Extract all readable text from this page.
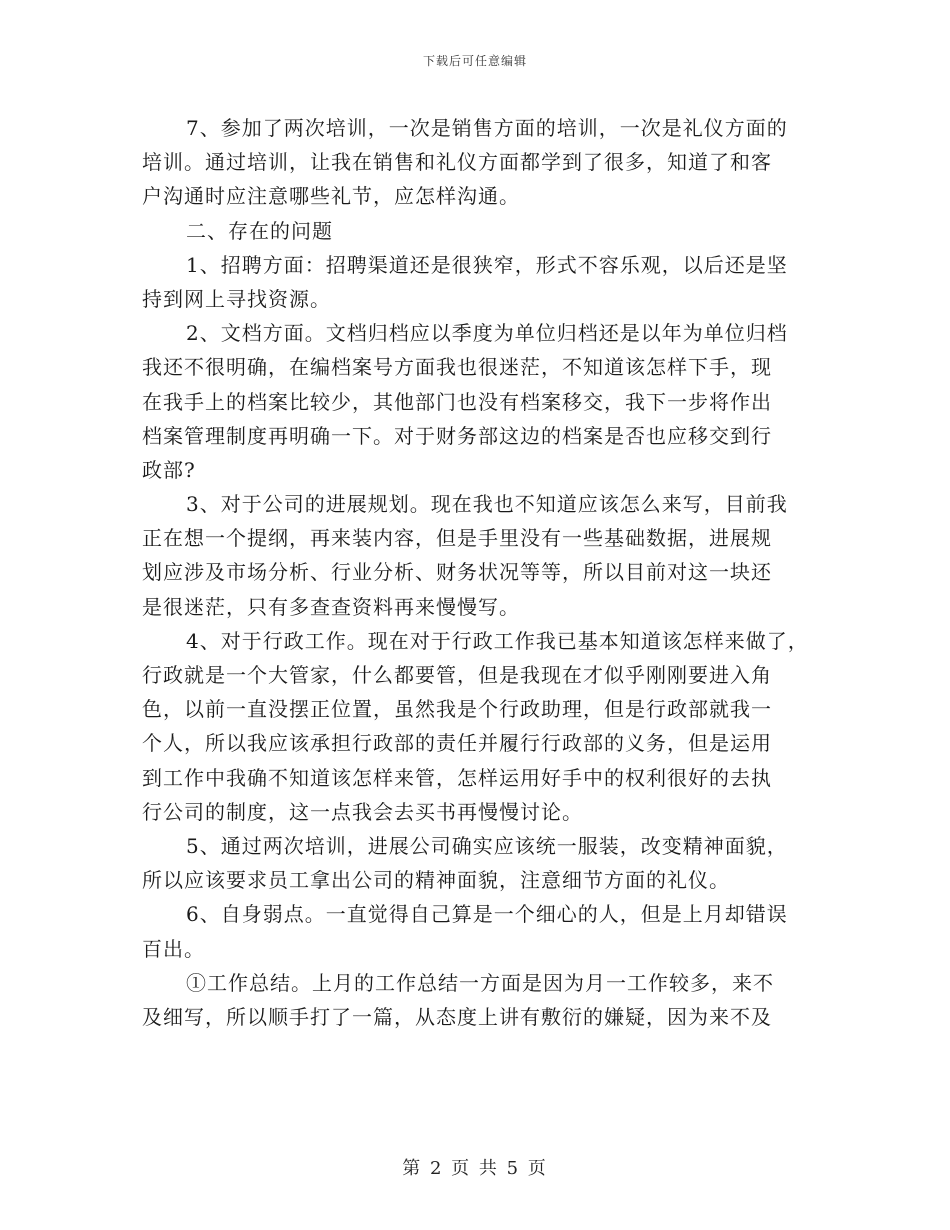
下载后可任意编辑
7、参加了两次培训，一次是销售方面的培训，一次是礼仪方面的
培训。通过培训，让我在销售和礼仪方面都学到了很多，知道了和客
户沟通时应注意哪些礼节，应怎样沟通。
二、存在的问题
1、招聘方面：招聘渠道还是很狭窄，形式不容乐观，以后还是坚
持到网上寻找资源。
2、文档方面。文档归档应以季度为单位归档还是以年为单位归档
我还不很明确，在编档案号方面我也很迷茫，不知道该怎样下手，现
在我手上的档案比较少，其他部门也没有档案移交，我下一步将作出
档案管理制度再明确一下。对于财务部这边的档案是否也应移交到行
政部?
3、对于公司的进展规划。现在我也不知道应该怎么来写，目前我
正在想一个提纲，再来装内容，但是手里没有一些基础数据，进展规
划应涉及市场分析、行业分析、财务状况等等，所以目前对这一块还
是很迷茫，只有多查查资料再来慢慢写。
4、对于行政工作。现在对于行政工作我已基本知道该怎样来做了，
行政就是一个大管家，什么都要管，但是我现在才似乎刚刚要进入角
色，以前一直没摆正位置，虽然我是个行政助理，但是行政部就我一
个人，所以我应该承担行政部的责任并履行行政部的义务，但是运用
到工作中我确不知道该怎样来管，怎样运用好手中的权利很好的去执
行公司的制度，这一点我会去买书再慢慢讨论。
5、通过两次培训，进展公司确实应该统一服装，改变精神面貌，
所以应该要求员工拿出公司的精神面貌，注意细节方面的礼仪。
6、自身弱点。一直觉得自己算是一个细心的人，但是上月却错误
百出。
①工作总结。上月的工作总结一方面是因为月一工作较多，来不
及细写，所以顺手打了一篇，从态度上讲有敷衍的嫌疑，因为来不及
第 2 页 共 5 页
